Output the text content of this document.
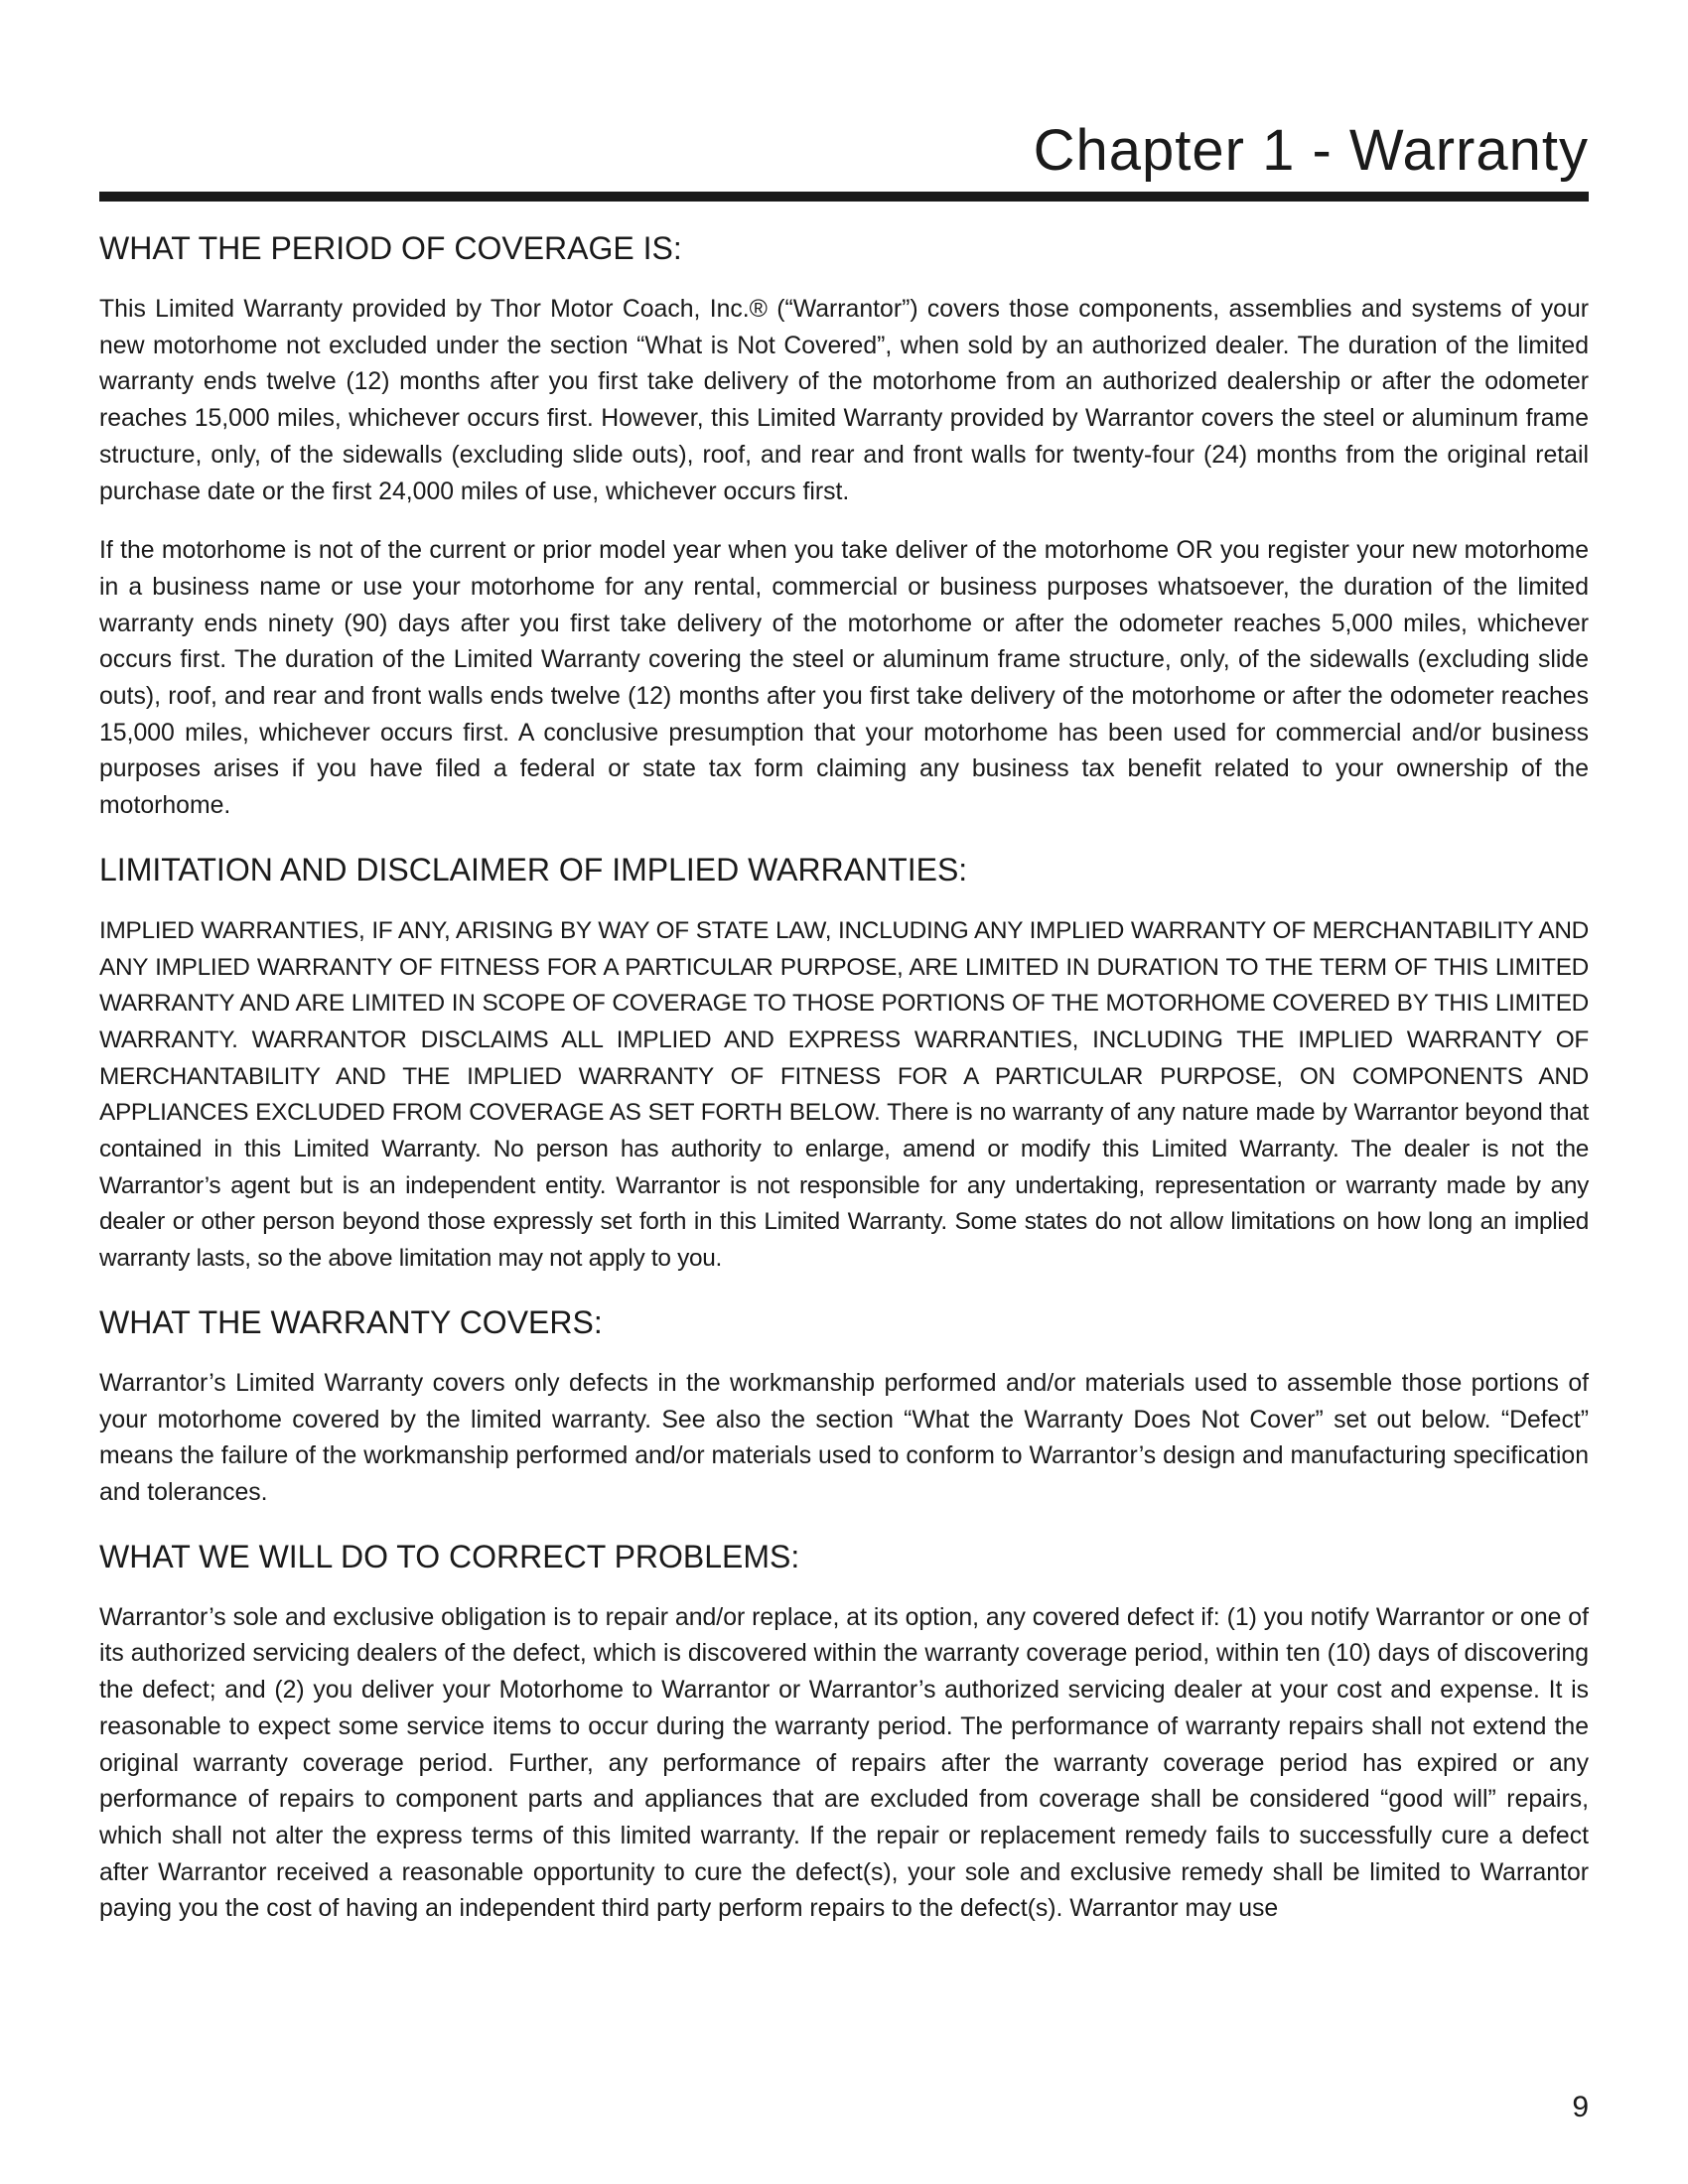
Chapter 1 - Warranty
WHAT THE PERIOD OF COVERAGE IS:

This Limited Warranty provided by Thor Motor Coach, Inc.® (“Warrantor”) covers those components, assemblies and systems of your new motorhome not excluded under the section “What is Not Covered”, when sold by an authorized dealer. The duration of the limited warranty ends twelve (12) months after you first take delivery of the motorhome from an authorized dealership or after the odometer reaches 15,000 miles, whichever occurs first. However, this Limited Warranty provided by Warrantor covers the steel or aluminum frame structure, only, of the sidewalls (excluding slide outs), roof, and rear and front walls for twenty-four (24) months from the original retail purchase date or the first 24,000 miles of use, whichever occurs first.

If the motorhome is not of the current or prior model year when you take deliver of the motorhome OR you register your new motorhome in a business name or use your motorhome for any rental, commercial or business purposes whatsoever, the duration of the limited warranty ends ninety (90) days after you first take delivery of the motorhome or after the odometer reaches 5,000 miles, whichever occurs first. The duration of the Limited Warranty covering the steel or aluminum frame structure, only, of the sidewalls (excluding slide outs), roof, and rear and front walls ends twelve (12) months after you first take delivery of the motorhome or after the odometer reaches 15,000 miles, whichever occurs first. A conclusive presumption that your motorhome has been used for commercial and/or business purposes arises if you have filed a federal or state tax form claiming any business tax benefit related to your ownership of the motorhome.

LIMITATION AND DISCLAIMER OF IMPLIED WARRANTIES:

IMPLIED WARRANTIES, IF ANY, ARISING BY WAY OF STATE LAW, INCLUDING ANY IMPLIED WARRANTY OF MERCHANTABILITY AND ANY IMPLIED WARRANTY OF FITNESS FOR A PARTICULAR PURPOSE, ARE LIMITED IN DURATION TO THE TERM OF THIS LIMITED WARRANTY AND ARE LIMITED IN SCOPE OF COVERAGE TO THOSE PORTIONS OF THE MOTORHOME COVERED BY THIS LIMITED WARRANTY. WARRANTOR DISCLAIMS ALL IMPLIED AND EXPRESS WARRANTIES, INCLUDING THE IMPLIED WARRANTY OF MERCHANTABILITY AND THE IMPLIED WARRANTY OF FITNESS FOR A PARTICULAR PURPOSE, ON COMPONENTS AND APPLIANCES EXCLUDED FROM COVERAGE AS SET FORTH BELOW. There is no warranty of any nature made by Warrantor beyond that contained in this Limited Warranty. No person has authority to enlarge, amend or modify this Limited Warranty. The dealer is not the Warrantor’s agent but is an independent entity. Warrantor is not responsible for any undertaking, representation or warranty made by any dealer or other person beyond those expressly set forth in this Limited Warranty. Some states do not allow limitations on how long an implied warranty lasts, so the above limitation may not apply to you.

WHAT THE WARRANTY COVERS:

Warrantor’s Limited Warranty covers only defects in the workmanship performed and/or materials used to assemble those portions of your motorhome covered by the limited warranty. See also the section “What the Warranty Does Not Cover” set out below. “Defect” means the failure of the workmanship performed and/or materials used to conform to Warrantor’s design and manufacturing specification and tolerances.

WHAT WE WILL DO TO CORRECT PROBLEMS:

Warrantor’s sole and exclusive obligation is to repair and/or replace, at its option, any covered defect if: (1) you notify Warrantor or one of its authorized servicing dealers of the defect, which is discovered within the warranty coverage period, within ten (10) days of discovering the defect; and (2) you deliver your Motorhome to Warrantor or Warrantor’s authorized servicing dealer at your cost and expense. It is reasonable to expect some service items to occur during the warranty period. The performance of warranty repairs shall not extend the original warranty coverage period. Further, any performance of repairs after the warranty coverage period has expired or any performance of repairs to component parts and appliances that are excluded from coverage shall be considered “good will” repairs, which shall not alter the express terms of this limited warranty. If the repair or replacement remedy fails to successfully cure a defect after Warrantor received a reasonable opportunity to cure the defect(s), your sole and exclusive remedy shall be limited to Warrantor paying you the cost of having an independent third party perform repairs to the defect(s). Warrantor may use

9
